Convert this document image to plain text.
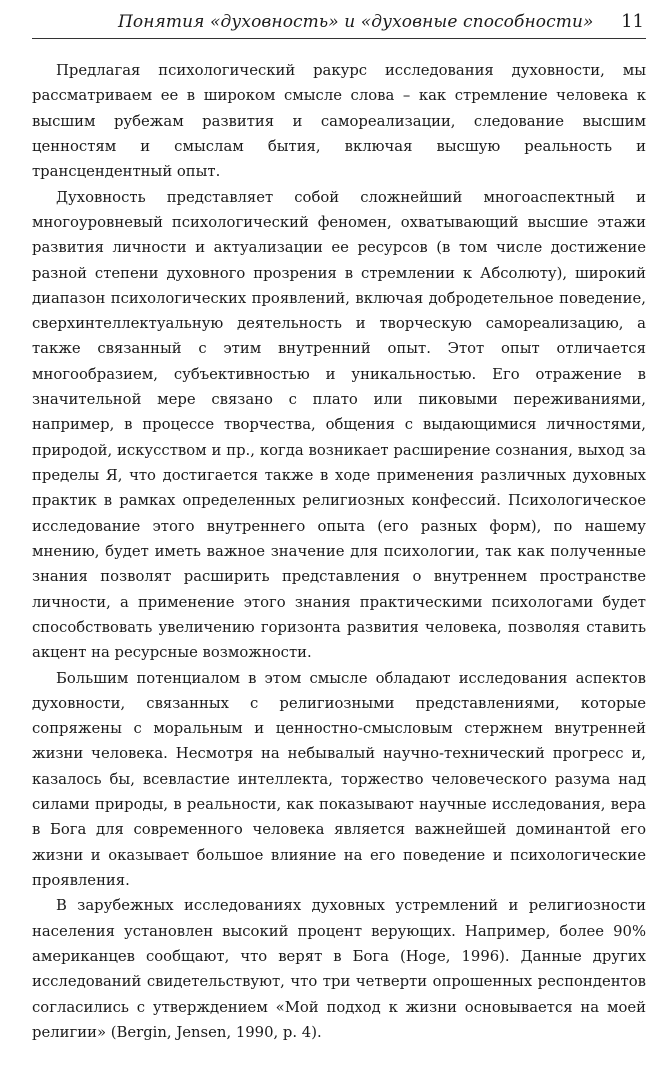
Понятия «духовность» и «духовные способности» 11

Предлагая психологический ракурс исследования духовности, мы рассматриваем ее в широком смысле слова – как стремление человека к высшим рубежам развития и самореализации, следование высшим ценностям и смыслам бытия, включая высшую реальность и трансцендентный опыт.

Духовность представляет собой сложнейший многоаспектный и многоуровневый психологический феномен, охватывающий высшие этажи развития личности и актуализации ее ресурсов (в том числе достижение разной степени духовного прозрения в стремлении к Абсолюту), широкий диапазон психологических проявлений, включая добродетельное поведение, сверхинтеллектуальную деятельность и творческую самореализацию, а также связанный с этим внутренний опыт. Этот опыт отличается многообразием, субъективностью и уникальностью. Его отражение в значительной мере связано с плато или пиковыми переживаниями, например, в процессе творчества, общения с выдающимися личностями, природой, искусством и пр., когда возникает расширение сознания, выход за пределы Я, что достигается также в ходе применения различных духовных практик в рамках определенных религиозных конфессий. Психологическое исследование этого внутреннего опыта (его разных форм), по нашему мнению, будет иметь важное значение для психологии, так как полученные знания позволят расширить представления о внутреннем пространстве личности, а применение этого знания практическими психологами будет способствовать увеличению горизонта развития человека, позволяя ставить акцент на ресурсные возможности.

Большим потенциалом в этом смысле обладают исследования аспектов духовности, связанных с религиозными представлениями, которые сопряжены с моральным и ценностно-смысловым стержнем внутренней жизни человека. Несмотря на небывалый научно-технический прогресс и, казалось бы, всевластие интеллекта, торжество человеческого разума над силами природы, в реальности, как показывают научные исследования, вера в Бога для современного человека является важнейшей доминантой его жизни и оказывает большое влияние на его поведение и психологические проявления.

В зарубежных исследованиях духовных устремлений и религиозности населения установлен высокий процент верующих. Например, более 90% американцев сообщают, что верят в Бога (Hoge, 1996). Данные других исследований свидетельствуют, что три четверти опрошенных респондентов согласились с утверждением «Мой подход к жизни основывается на моей религии» (Bergin, Jensen, 1990, p. 4).
